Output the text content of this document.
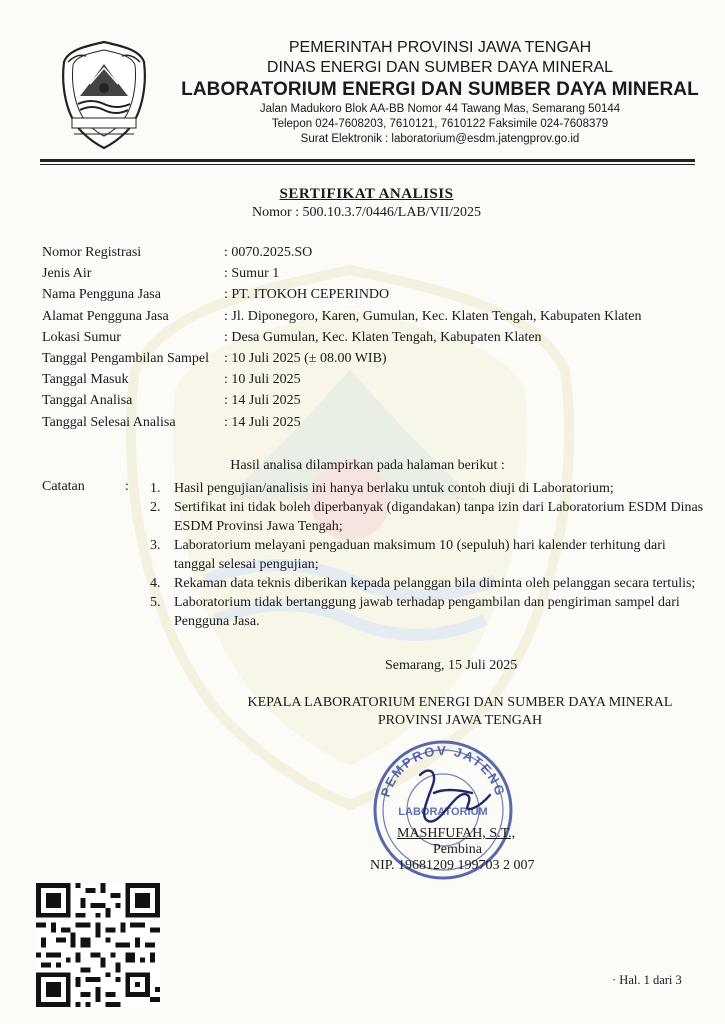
PEMERINTAH PROVINSI JAWA TENGAH
DINAS ENERGI DAN SUMBER DAYA MINERAL
LABORATORIUM ENERGI DAN SUMBER DAYA MINERAL
Jalan Madukoro Blok AA-BB Nomor 44 Tawang Mas, Semarang 50144
Telepon 024-7608203, 7610121, 7610122 Faksimile 024-7608379
Surat Elektronik : laboratorium@esdm.jatengprov.go.id
SERTIFIKAT ANALISIS
Nomor : 500.10.3.7/0446/LAB/VII/2025
Nomor Registrasi	: 0070.2025.SO
Jenis Air	: Sumur 1
Nama Pengguna Jasa	: PT. ITOKOH CEPERINDO
Alamat Pengguna Jasa	: Jl. Diponegoro, Karen, Gumulan, Kec. Klaten Tengah, Kabupaten Klaten
Lokasi Sumur	: Desa Gumulan, Kec. Klaten Tengah, Kabupaten Klaten
Tanggal Pengambilan Sampel : 10 Juli 2025 (± 08.00 WIB)
Tanggal Masuk	: 10 Juli 2025
Tanggal Analisa	: 14 Juli 2025
Tanggal Selesai Analisa	: 14 Juli 2025
Hasil analisa dilampirkan pada halaman berikut :
Catatan	: 1. Hasil pengujian/analisis ini hanya berlaku untuk contoh diuji di Laboratorium;
2. Sertifikat ini tidak boleh diperbanyak (digandakan) tanpa izin dari Laboratorium ESDM Dinas ESDM Provinsi Jawa Tengah;
3. Laboratorium melayani pengaduan maksimum 10 (sepuluh) hari kalender terhitung dari tanggal selesai pengujian;
4. Rekaman data teknis diberikan kepada pelanggan bila diminta oleh pelanggan secara tertulis;
5. Laboratorium tidak bertanggung jawab terhadap pengambilan dan pengiriman sampel dari Pengguna Jasa.
Semarang, 15 Juli 2025
KEPALA LABORATORIUM ENERGI DAN SUMBER DAYA MINERAL
PROVINSI JAWA TENGAH
PEMPROV JATENG
LABORATORIUM
MASHFUFAH, S.T.,
Pembina
NIP. 19681209 199703 2 007
· Hal. 1 dari 3
